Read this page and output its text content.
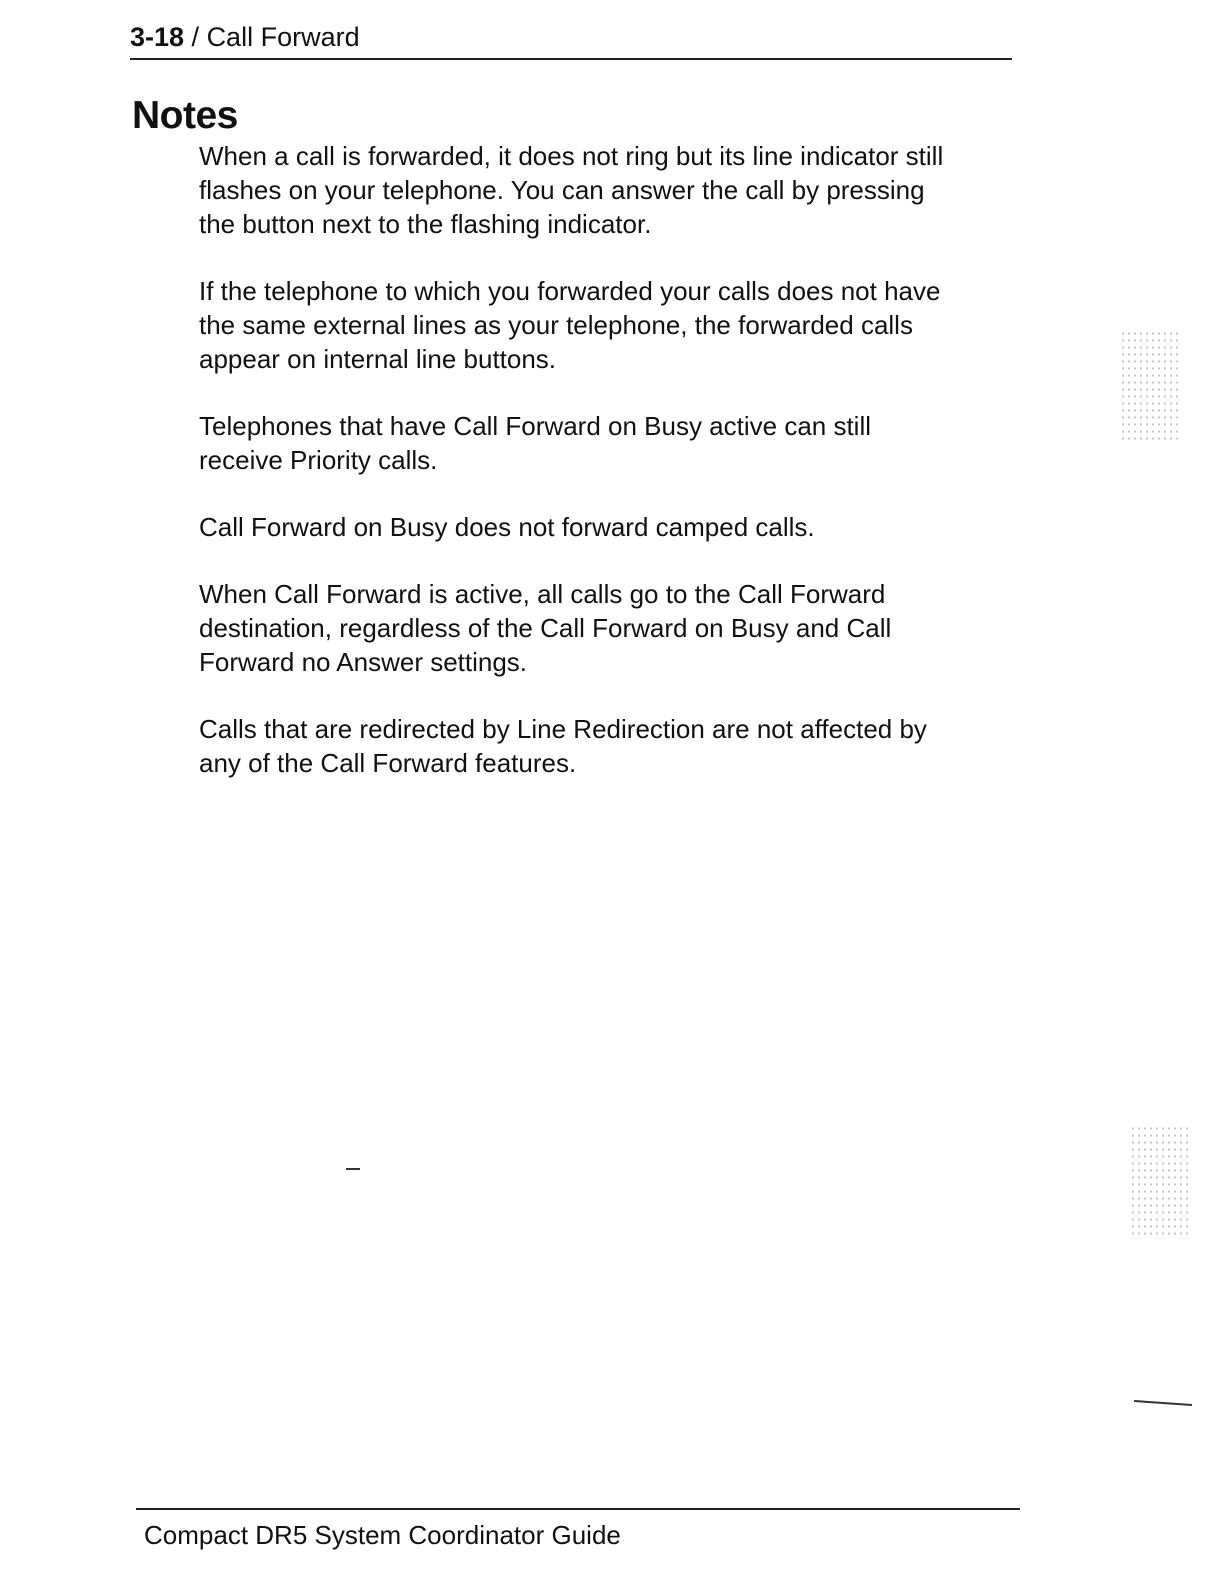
3-18 / Call Forward
Notes

When a call is forwarded, it does not ring but its line indicator still
flashes on your telephone. You can answer the call by pressing
the button next to the flashing indicator.

If the telephone to which you forwarded your calls does not have
the same external lines as your telephone, the forwarded calls
appear on internal line buttons.

Telephones that have Call Forward on Busy active can still
receive Priority calls.

Call Forward on Busy does not forward camped calls.

When Call Forward is active, all calls go to the Call Forward
destination, regardless of the Call Forward on Busy and Call
Forward no Answer settings.

Calls that are redirected by Line Redirection are not affected by
any of the Call Forward features.

Compact DR5 System Coordinator Guide
